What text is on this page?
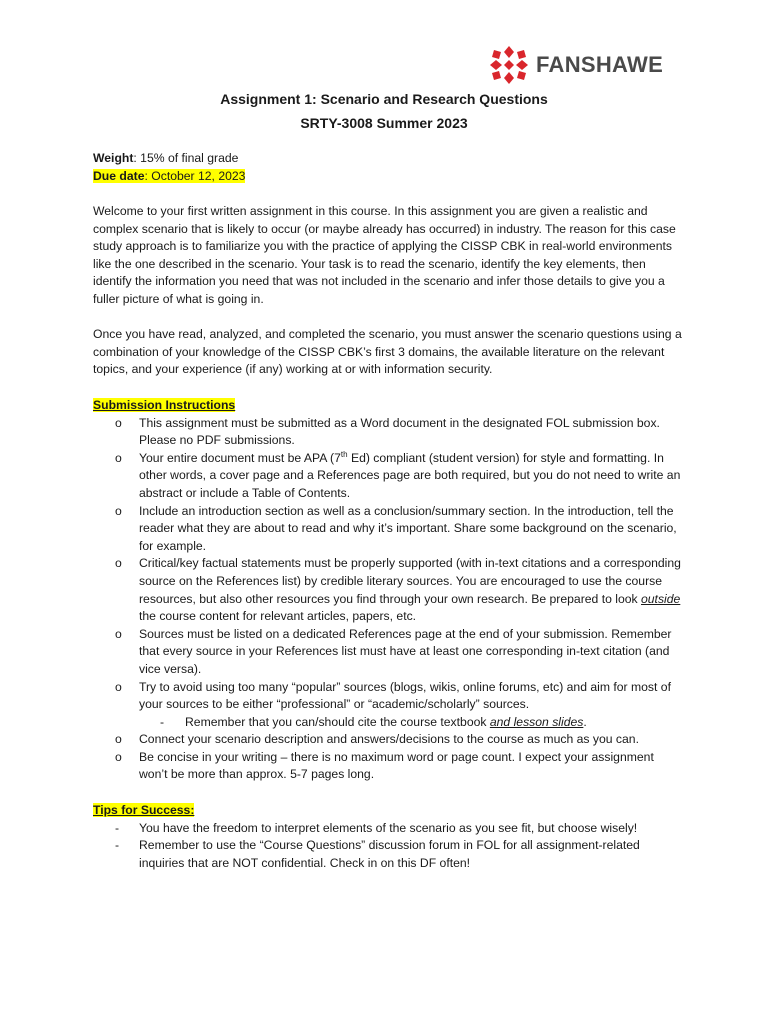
FANSHAWE
Assignment 1: Scenario and Research Questions
SRTY-3008 Summer 2023

Weight: 15% of final grade

Due date: October 12, 2023

Welcome to your first written assignment in this course. In this assignment you are given a realistic and complex scenario that is likely to occur (or maybe already has occurred) in industry. The reason for this case study approach is to familiarize you with the practice of applying the CISSP CBK in real-world environments like the one described in the scenario. Your task is to read the scenario, identify the key elements, then identify the information you need that was not included in the scenario and infer those details to give you a fuller picture of what is going in.
Once you have read, analyzed, and completed the scenario, you must answer the scenario questions using a combination of your knowledge of the CISSP CBK’s first 3 domains, the available literature on the relevant topics, and your experience (if any) working at or with information security.

Submission Instructions

o This assignment must be submitted as a Word document in the designated FOL submission box. Please no PDF submissions.
o Your entire document must be APA (7th Ed) compliant (student version) for style and formatting. In other words, a cover page and a References page are both required, but you do not need to write an abstract or include a Table of Contents.
o Include an introduction section as well as a conclusion/summary section. In the introduction, tell the reader what they are about to read and why it’s important. Share some background on the scenario, for example.
o Critical/key factual statements must be properly supported (with in-text citations and a corresponding source on the References list) by credible literary sources. You are encouraged to use the course resources, but also other resources you find through your own research. Be prepared to look outside the course content for relevant articles, papers, etc.
o Sources must be listed on a dedicated References page at the end of your submission. Remember that every source in your References list must have at least one corresponding in-text citation (and vice versa).
o Try to avoid using too many “popular” sources (blogs, wikis, online forums, etc) and aim for most of your sources to be either “professional” or “academic/scholarly” sources.
- Remember that you can/should cite the course textbook and lesson slides.
o Connect your scenario description and answers/decisions to the course as much as you can.
o Be concise in your writing – there is no maximum word or page count. I expect your assignment won’t be more than approx. 5-7 pages long.

Tips for Success:

- You have the freedom to interpret elements of the scenario as you see fit, but choose wisely!
- Remember to use the “Course Questions” discussion forum in FOL for all assignment-related inquiries that are NOT confidential. Check in on this DF often!
